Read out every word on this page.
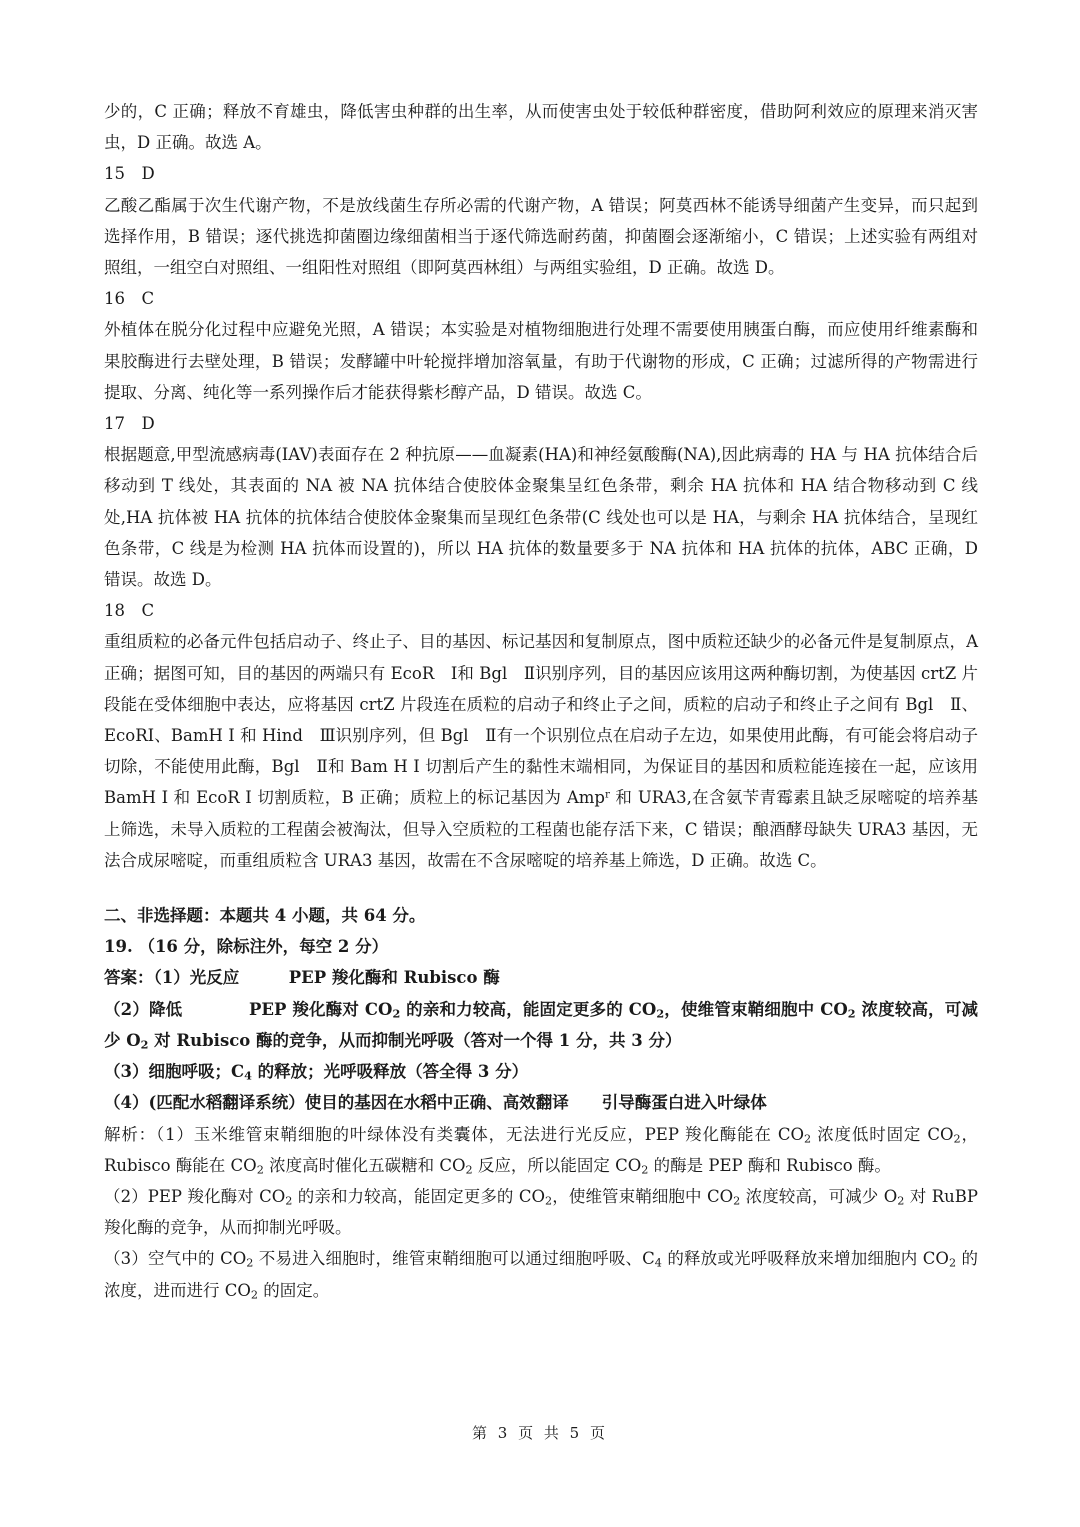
少的，C 正确；释放不育雄虫，降低害虫种群的出生率，从而使害虫处于较低种群密度，借助阿利效应的原理来消灭害虫，D 正确。故选 A。

15　D

乙酸乙酯属于次生代谢产物，不是放线菌生存所必需的代谢产物，A 错误；阿莫西林不能诱导细菌产生变异，而只起到选择作用，B 错误；逐代挑选抑菌圈边缘细菌相当于逐代筛选耐药菌，抑菌圈会逐渐缩小，C 错误；上述实验有两组对照组，一组空白对照组、一组阳性对照组（即阿莫西林组）与两组实验组，D 正确。故选 D。

16　C

外植体在脱分化过程中应避免光照，A 错误；本实验是对植物细胞进行处理不需要使用胰蛋白酶，而应使用纤维素酶和果胶酶进行去壁处理，B 错误；发酵罐中叶轮搅拌增加溶氧量，有助于代谢物的形成，C 正确；过滤所得的产物需进行提取、分离、纯化等一系列操作后才能获得紫杉醇产品，D 错误。故选 C。

17　D

根据题意,甲型流感病毒(IAV)表面存在 2 种抗原——血凝素(HA)和神经氨酸酶(NA),因此病毒的 HA 与 HA 抗体结合后移动到 T 线处，其表面的 NA 被 NA 抗体结合使胶体金聚集呈红色条带，剩余 HA 抗体和 HA 结合物移动到 C 线处,HA 抗体被 HA 抗体的抗体结合使胶体金聚集而呈现红色条带(C 线处也可以是 HA，与剩余 HA 抗体结合，呈现红色条带，C 线是为检测 HA 抗体而设置的)，所以 HA 抗体的数量要多于 NA 抗体和 HA 抗体的抗体，ABC 正确，D 错误。故选 D。

18　C

重组质粒的必备元件包括启动子、终止子、目的基因、标记基因和复制原点，图中质粒还缺少的必备元件是复制原点，A 正确；据图可知，目的基因的两端只有 EcoR　Ⅰ和 Bgl　Ⅱ识别序列，目的基因应该用这两种酶切割，为使基因 crtZ 片段能在受体细胞中表达，应将基因 crtZ 片段连在质粒的启动子和终止子之间，质粒的启动子和终止子之间有 Bgl　Ⅱ、EcoRI、BamH I 和 Hind　Ⅲ识别序列，但 Bgl　Ⅱ有一个识别位点在启动子左边，如果使用此酶，有可能会将启动子切除，不能使用此酶，Bgl　Ⅱ和 Bam H I 切割后产生的黏性末端相同，为保证目的基因和质粒能连接在一起，应该用 BamH I 和 EcoR I 切割质粒，B 正确；质粒上的标记基因为 Amp$^r$ 和 URA3,在含氨苄青霉素且缺乏尿嘧啶的培养基上筛选，未导入质粒的工程菌会被淘汰，但导入空质粒的工程菌也能存活下来，C 错误；酿酒酵母缺失 URA3 基因，无法合成尿嘧啶，而重组质粒含 URA3 基因，故需在不含尿嘧啶的培养基上筛选，D 正确。故选 C。

二、非选择题：本题共 4 小题，共 64 分。

19. （16 分，除标注外，每空 2 分）

答案：（1）光反应　　　PEP 羧化酶和 Rubisco 酶

（2）降低　　　　PEP 羧化酶对 $CO_2$ 的亲和力较高，能固定更多的 $CO_2$，使维管束鞘细胞中 $CO_2$ 浓度较高，可减少 $O_2$ 对 Rubisco 酶的竞争，从而抑制光呼吸（答对一个得 1 分，共 3 分）

（3）细胞呼吸；$C_4$ 的释放；光呼吸释放（答全得 3 分）

（4）(匹配水稻翻译系统）使目的基因在水稻中正确、高效翻译　　引导酶蛋白进入叶绿体

解析：（1）玉米维管束鞘细胞的叶绿体没有类囊体，无法进行光反应，PEP 羧化酶能在 $CO_2$ 浓度低时固定 $CO_2$，Rubisco 酶能在 $CO_2$ 浓度高时催化五碳糖和 $CO_2$ 反应，所以能固定 $CO_2$ 的酶是 PEP 酶和 Rubisco 酶。

（2）PEP 羧化酶对 $CO_2$ 的亲和力较高，能固定更多的 $CO_2$，使维管束鞘细胞中 $CO_2$ 浓度较高，可减少 $O_2$ 对 RuBP 羧化酶的竞争，从而抑制光呼吸。

（3）空气中的 $CO_2$ 不易进入细胞时，维管束鞘细胞可以通过细胞呼吸、$C_4$ 的释放或光呼吸释放来增加细胞内 $CO_2$ 的浓度，进而进行 $CO_2$ 的固定。

第 3 页 共 5 页
